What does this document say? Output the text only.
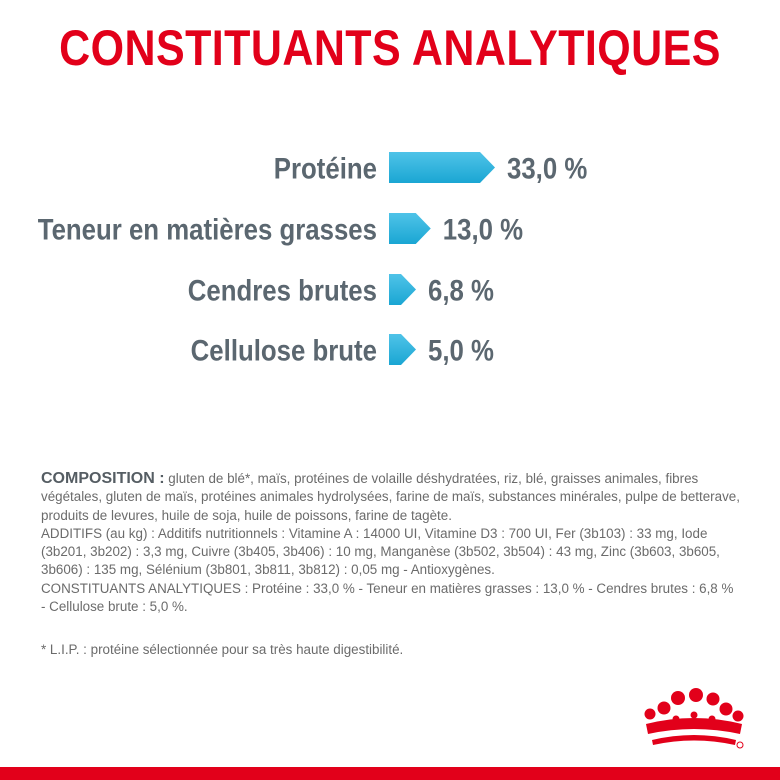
CONSTITUANTS ANALYTIQUES
Protéine	33,0 %
Teneur en matières grasses 13,0 %
Cendres brutes 6,8 %
Cellulose brute 5,0 %

COMPOSITION : gluten de blé*, maïs, protéines de volaille déshydratées, riz, blé, graisses animales, fibres végétales, gluten de maïs, protéines animales hydrolysées, farine de maïs, substances minérales, pulpe de betterave, produits de levures, huile de soja, huile de poissons, farine de tagète.

ADDITIFS (au kg) : Additifs nutritionnels : Vitamine A : 14000 UI, Vitamine D3 : 700 UI, Fer (3b103) : 33 mg, Iode (3b201, 3b202) : 3,3 mg, Cuivre (3b405, 3b406) : 10 mg, Manganèse (3b502, 3b504) : 43 mg, Zinc (3b603, 3b605, 3b606) : 135 mg, Sélénium (3b801, 3b811, 3b812) : 0,05 mg - Antioxygènes.

CONSTITUANTS ANALYTIQUES : Protéine : 33,0 % - Teneur en matières grasses : 13,0 % - Cendres brutes : 6,8 % - Cellulose brute : 5,0 %.

* L.I.P. : protéine sélectionnée pour sa très haute digestibilité.
